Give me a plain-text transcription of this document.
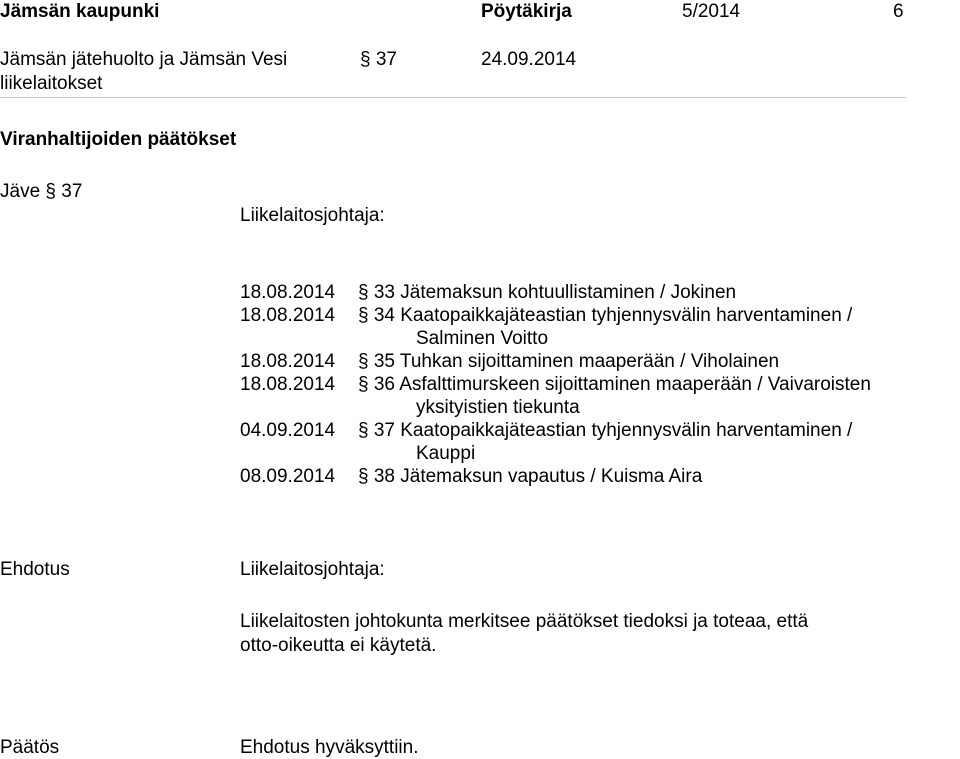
Jämsän kaupunki	Pöytäkirja	5/2014	6
Jämsän jätehuolto ja Jämsän Vesi
liikelaitokset
§ 37	24.09.2014
Viranhaltijoiden päätökset
Jäve § 37
Liikelaitosjohtaja:
18.08.2014 § 33 Jätemaksun kohtuullistaminen / Jokinen
18.08.2014 § 34 Kaatopaikkajäteastian tyhjennysvälin harventaminen /
Salminen Voitto
18.08.2014 § 35 Tuhkan sijoittaminen maaperään / Viholainen
18.08.2014 § 36 Asfalttimurskeen sijoittaminen maaperään / Vaivaroisten
yksityistien tiekunta
04.09.2014 § 37 Kaatopaikkajäteastian tyhjennysvälin harventaminen /
Kauppi
08.09.2014 § 38 Jätemaksun vapautus / Kuisma Aira
Ehdotus	Liikelaitosjohtaja:
Liikelaitosten johtokunta merkitsee päätökset tiedoksi ja toteaa, että
otto-oikeutta ei käytetä.
Päätös	Ehdotus hyväksyttiin.
